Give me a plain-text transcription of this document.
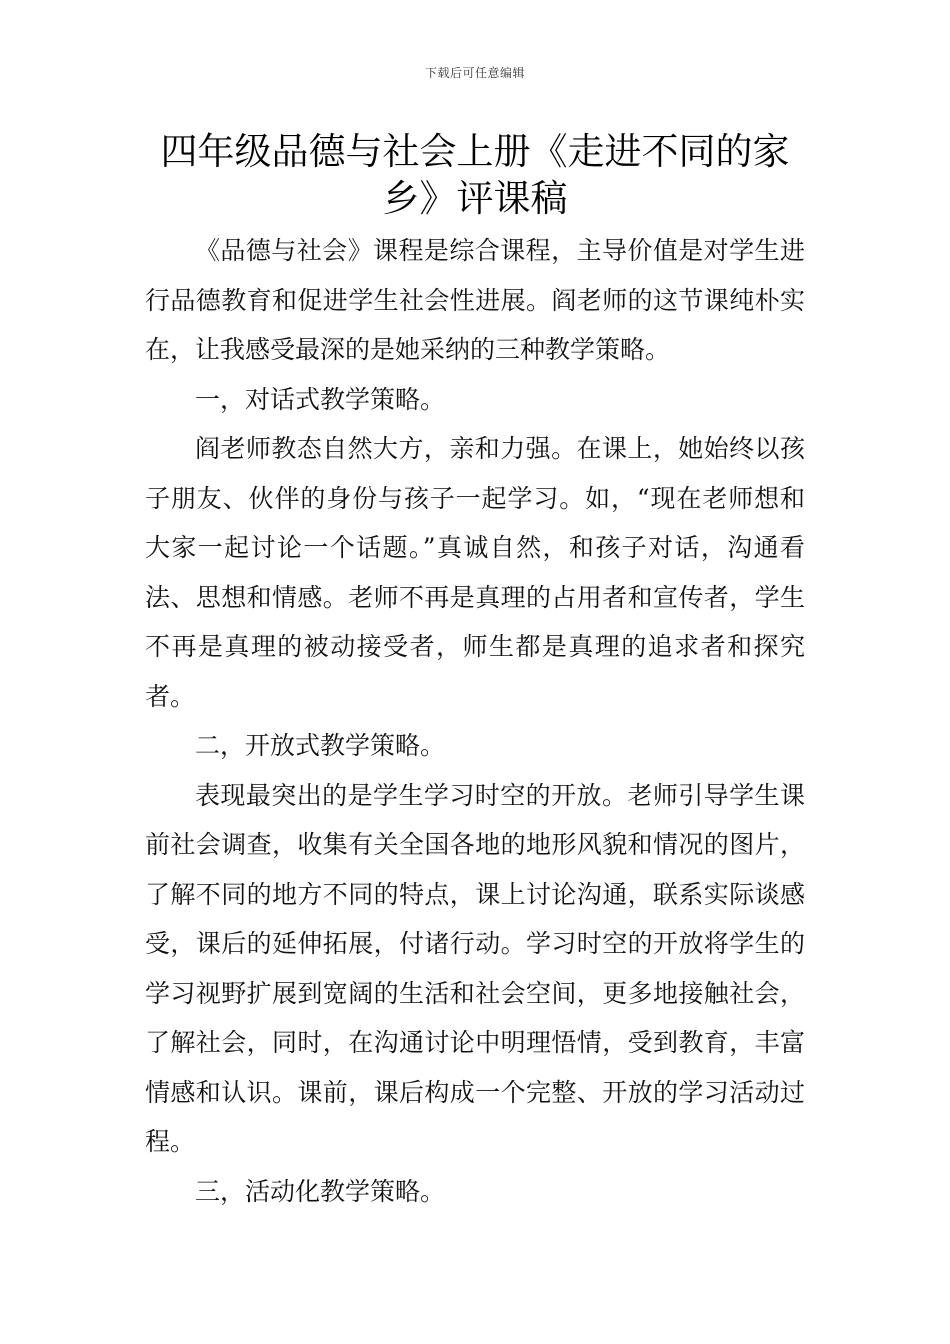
下载后可任意编辑
四年级品德与社会上册《走进不同的家
乡》评课稿

《品德与社会》课程是综合课程，主导价值是对学生进行品德教育和促进学生社会性进展。阎老师的这节课纯朴实在，让我感受最深的是她采纳的三种教学策略。

一，对话式教学策略。

阎老师教态自然大方，亲和力强。在课上，她始终以孩子朋友、伙伴的身份与孩子一起学习。如，“现在老师想和大家一起讨论一个话题。”真诚自然，和孩子对话，沟通看法、思想和情感。老师不再是真理的占用者和宣传者，学生不再是真理的被动接受者，师生都是真理的追求者和探究者。

二，开放式教学策略。

表现最突出的是学生学习时空的开放。老师引导学生课前社会调查，收集有关全国各地的地形风貌和情况的图片，了解不同的地方不同的特点，课上讨论沟通，联系实际谈感受，课后的延伸拓展，付诸行动。学习时空的开放将学生的学习视野扩展到宽阔的生活和社会空间，更多地接触社会，了解社会，同时，在沟通讨论中明理悟情，受到教育，丰富情感和认识。课前，课后构成一个完整、开放的学习活动过程。

三，活动化教学策略。
